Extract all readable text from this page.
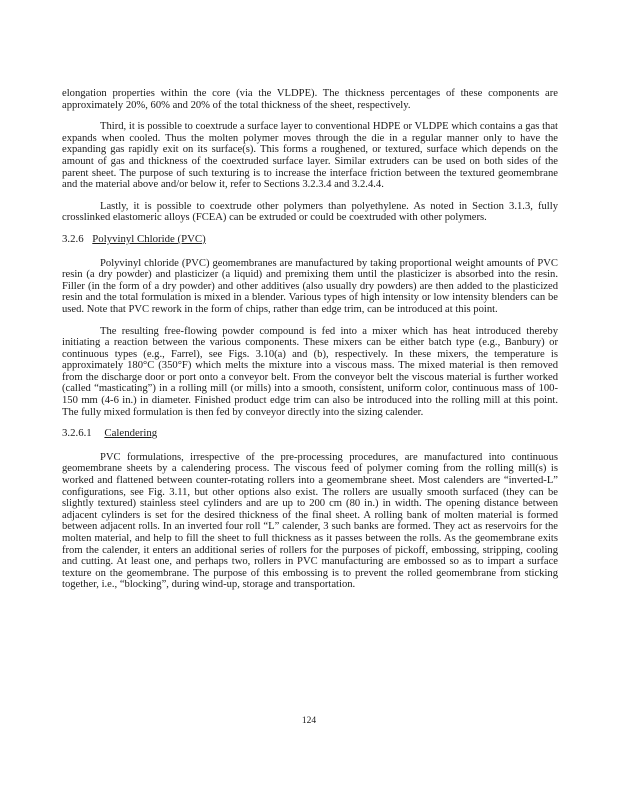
elongation properties within the core (via the VLDPE). The thickness percentages of these components are approximately 20%, 60% and 20% of the total thickness of the sheet, respectively.

Third, it is possible to coextrude a surface layer to conventional HDPE or VLDPE which contains a gas that expands when cooled. Thus the molten polymer moves through the die in a regular manner only to have the expanding gas rapidly exit on its surface(s). This forms a roughened, or textured, surface which depends on the amount of gas and thickness of the coextruded surface layer. Similar extruders can be used on both sides of the parent sheet. The purpose of such texturing is to increase the interface friction between the textured geomembrane and the material above and/or below it, refer to Sections 3.2.3.4 and 3.2.4.4.

Lastly, it is possible to coextrude other polymers than polyethylene. As noted in Section 3.1.3, fully crosslinked elastomeric alloys (FCEA) can be extruded or could be coextruded with other polymers.

3.2.6 Polyvinyl Chloride (PVC)

Polyvinyl chloride (PVC) geomembranes are manufactured by taking proportional weight amounts of PVC resin (a dry powder) and plasticizer (a liquid) and premixing them until the plasticizer is absorbed into the resin. Filler (in the form of a dry powder) and other additives (also usually dry powders) are then added to the plasticized resin and the total formulation is mixed in a blender. Various types of high intensity or low intensity blenders can be used. Note that PVC rework in the form of chips, rather than edge trim, can be introduced at this point.

The resulting free-flowing powder compound is fed into a mixer which has heat introduced thereby initiating a reaction between the various components. These mixers can be either batch type (e.g., Banbury) or continuous types (e.g., Farrel), see Figs. 3.10(a) and (b), respectively. In these mixers, the temperature is approximately 180°C (350°F) which melts the mixture into a viscous mass. The mixed material is then removed from the discharge door or port onto a conveyor belt. From the conveyor belt the viscous material is further worked (called “masticating”) in a rolling mill (or mills) into a smooth, consistent, uniform color, continuous mass of 100-150 mm (4-6 in.) in diameter. Finished product edge trim can also be introduced into the rolling mill at this point. The fully mixed formulation is then fed by conveyor directly into the sizing calender.

3.2.6.1 Calendering

PVC formulations, irrespective of the pre-processing procedures, are manufactured into continuous geomembrane sheets by a calendering process. The viscous feed of polymer coming from the rolling mill(s) is worked and flattened between counter-rotating rollers into a geomembrane sheet. Most calenders are “inverted-L” configurations, see Fig. 3.11, but other options also exist. The rollers are usually smooth surfaced (they can be slightly textured) stainless steel cylinders and are up to 200 cm (80 in.) in width. The opening distance between adjacent cylinders is set for the desired thickness of the final sheet. A rolling bank of molten material is formed between adjacent rolls. In an inverted four roll “L” calender, 3 such banks are formed. They act as reservoirs for the molten material, and help to fill the sheet to full thickness as it passes between the rolls. As the geomembrane exits from the calender, it enters an additional series of rollers for the purposes of pickoff, embossing, stripping, cooling and cutting. At least one, and perhaps two, rollers in PVC manufacturing are embossed so as to impart a surface texture on the geomembrane. The purpose of this embossing is to prevent the rolled geomembrane from sticking together, i.e., “blocking”, during wind-up, storage and transportation.

124
